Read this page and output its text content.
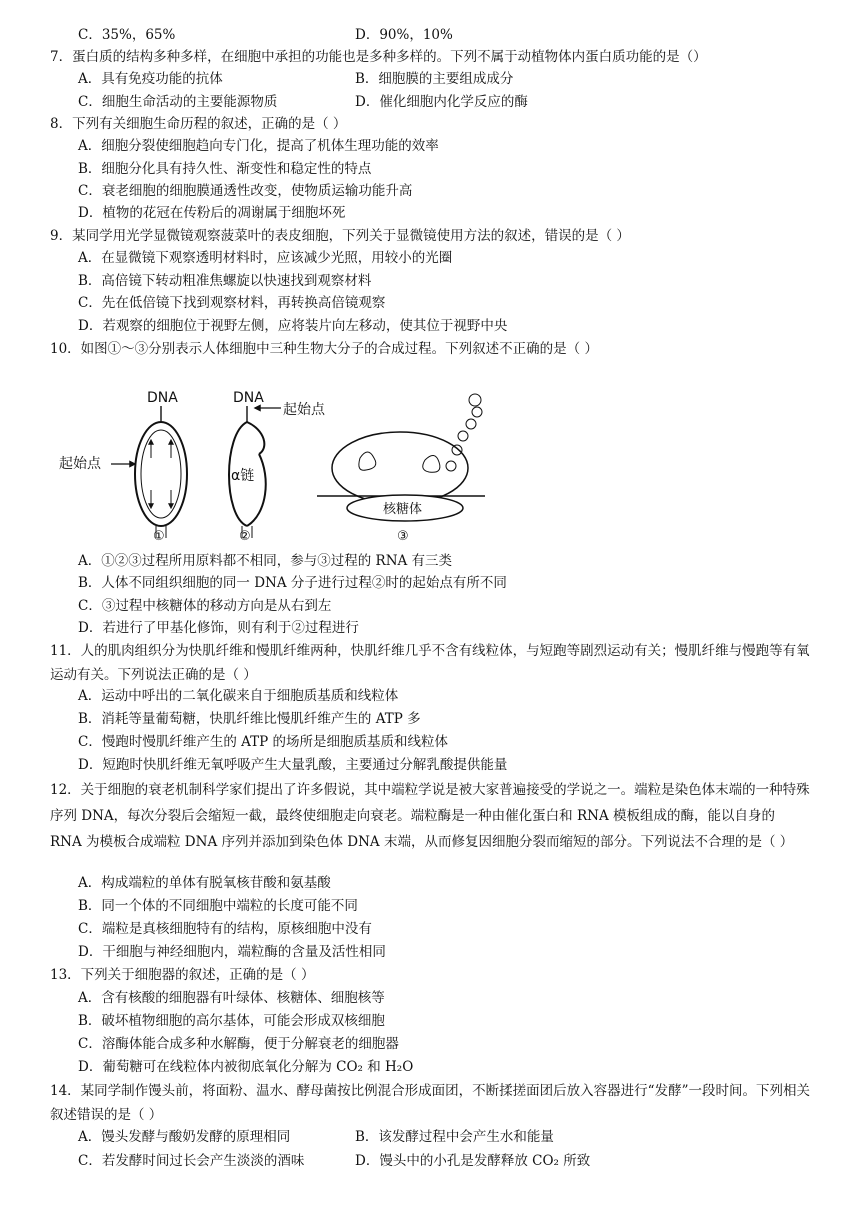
C．35%，65%	D．90%，10%
7．蛋白质的结构多种多样，在细胞中承担的功能也是多种多样的。下列不属于动植物体内蛋白质功能的是（）
A．具有免疫功能的抗体	B．细胞膜的主要组成成分
C．细胞生命活动的主要能源物质	D．催化细胞内化学反应的酶
8．下列有关细胞生命历程的叙述，正确的是（ ）
A．细胞分裂使细胞趋向专门化，提高了机体生理功能的效率
B．细胞分化具有持久性、渐变性和稳定性的特点
C．衰老细胞的细胞膜通透性改变，使物质运输功能升高
D．植物的花冠在传粉后的凋谢属于细胞坏死
9．某同学用光学显微镜观察菠菜叶的表皮细胞，下列关于显微镜使用方法的叙述，错误的是（ ）
A．在显微镜下观察透明材料时，应该减少光照，用较小的光圈
B．高倍镜下转动粗准焦螺旋以快速找到观察材料
C．先在低倍镜下找到观察材料，再转换高倍镜观察
D．若观察的细胞位于视野左侧，应将装片向左移动，使其位于视野中央
10．如图①～③分别表示人体细胞中三种生物大分子的合成过程。下列叙述不正确的是（ ）
DNA
起始点
①
DNA
α链
起始点
②
核糖体
③
A．①②③过程所用原料都不相同，参与③过程的 RNA 有三类
B．人体不同组织细胞的同一 DNA 分子进行过程②时的起始点有所不同
C．③过程中核糖体的移动方向是从右到左
D．若进行了甲基化修饰，则有利于②过程进行
11．人的肌肉组织分为快肌纤维和慢肌纤维两种，快肌纤维几乎不含有线粒体，与短跑等剧烈运动有关；慢肌纤维与慢跑等有氧运动有关。下列说法正确的是（ ）
A．运动中呼出的二氧化碳来自于细胞质基质和线粒体
B．消耗等量葡萄糖，快肌纤维比慢肌纤维产生的 ATP 多
C．慢跑时慢肌纤维产生的 ATP 的场所是细胞质基质和线粒体
D．短跑时快肌纤维无氧呼吸产生大量乳酸，主要通过分解乳酸提供能量
12．关于细胞的衰老机制科学家们提出了许多假说，其中端粒学说是被大家普遍接受的学说之一。端粒是染色体末端的一种特殊序列 DNA，每次分裂后会缩短一截，最终使细胞走向衰老。端粒酶是一种由催化蛋白和 RNA 模板组成的酶，能以自身的 RNA 为模板合成端粒 DNA 序列并添加到染色体 DNA 末端，从而修复因细胞分裂而缩短的部分。下列说法不合理的是（ ）
A．构成端粒的单体有脱氧核苷酸和氨基酸
B．同一个体的不同细胞中端粒的长度可能不同
C．端粒是真核细胞特有的结构，原核细胞中没有
D．干细胞与神经细胞内，端粒酶的含量及活性相同
13．下列关于细胞器的叙述，正确的是（ ）
A．含有核酸的细胞器有叶绿体、核糖体、细胞核等
B．破坏植物细胞的高尔基体，可能会形成双核细胞
C．溶酶体能合成多种水解酶，便于分解衰老的细胞器
D．葡萄糖可在线粒体内被彻底氧化分解为 CO₂ 和 H₂O
14．某同学制作馒头前，将面粉、温水、酵母菌按比例混合形成面团，不断揉搓面团后放入容器进行“发酵”一段时间。下列相关叙述错误的是（ ）
A．馒头发酵与酸奶发酵的原理相同	B．该发酵过程中会产生水和能量
C．若发酵时间过长会产生淡淡的酒味	D．馒头中的小孔是发酵释放 CO₂ 所致
